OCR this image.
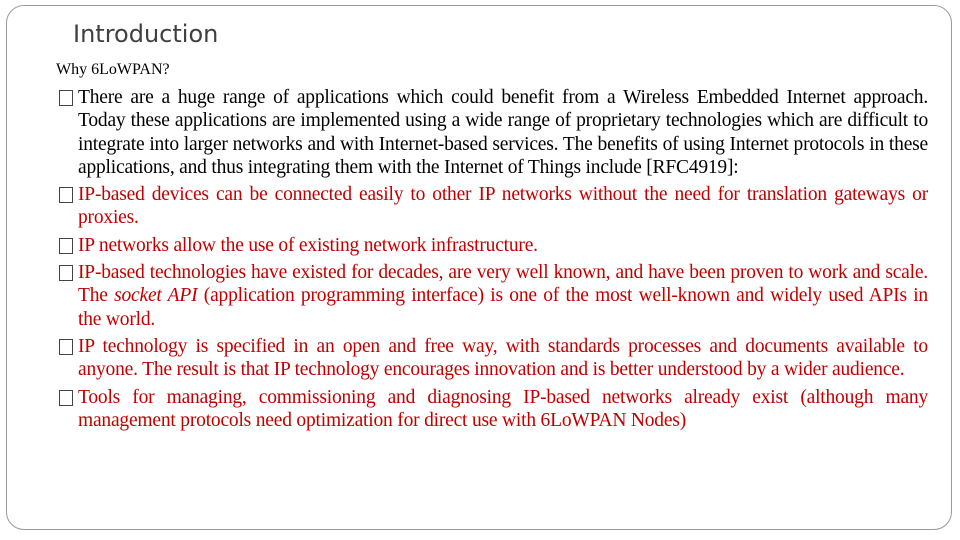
Introduction
Why 6LoWPAN?
There are a huge range of applications which could benefit from a Wireless Embedded Internet approach. Today these applications are implemented using a wide range of proprietary technologies which are difficult to integrate into larger networks and with Internet-based services. The benefits of using Internet protocols in these applications, and thus integrating them with the Internet of Things include [RFC4919]:
IP-based devices can be connected easily to other IP networks without the need for translation gateways or proxies.
IP networks allow the use of existing network infrastructure.
IP-based technologies have existed for decades, are very well known, and have been proven to work and scale. The socket API (application programming interface) is one of the most well-known and widely used APIs in the world.
IP technology is specified in an open and free way, with standards processes and documents available to anyone. The result is that IP technology encourages innovation and is better understood by a wider audience.
Tools for managing, commissioning and diagnosing IP-based networks already exist (although many management protocols need optimization for direct use with 6LoWPAN Nodes)
